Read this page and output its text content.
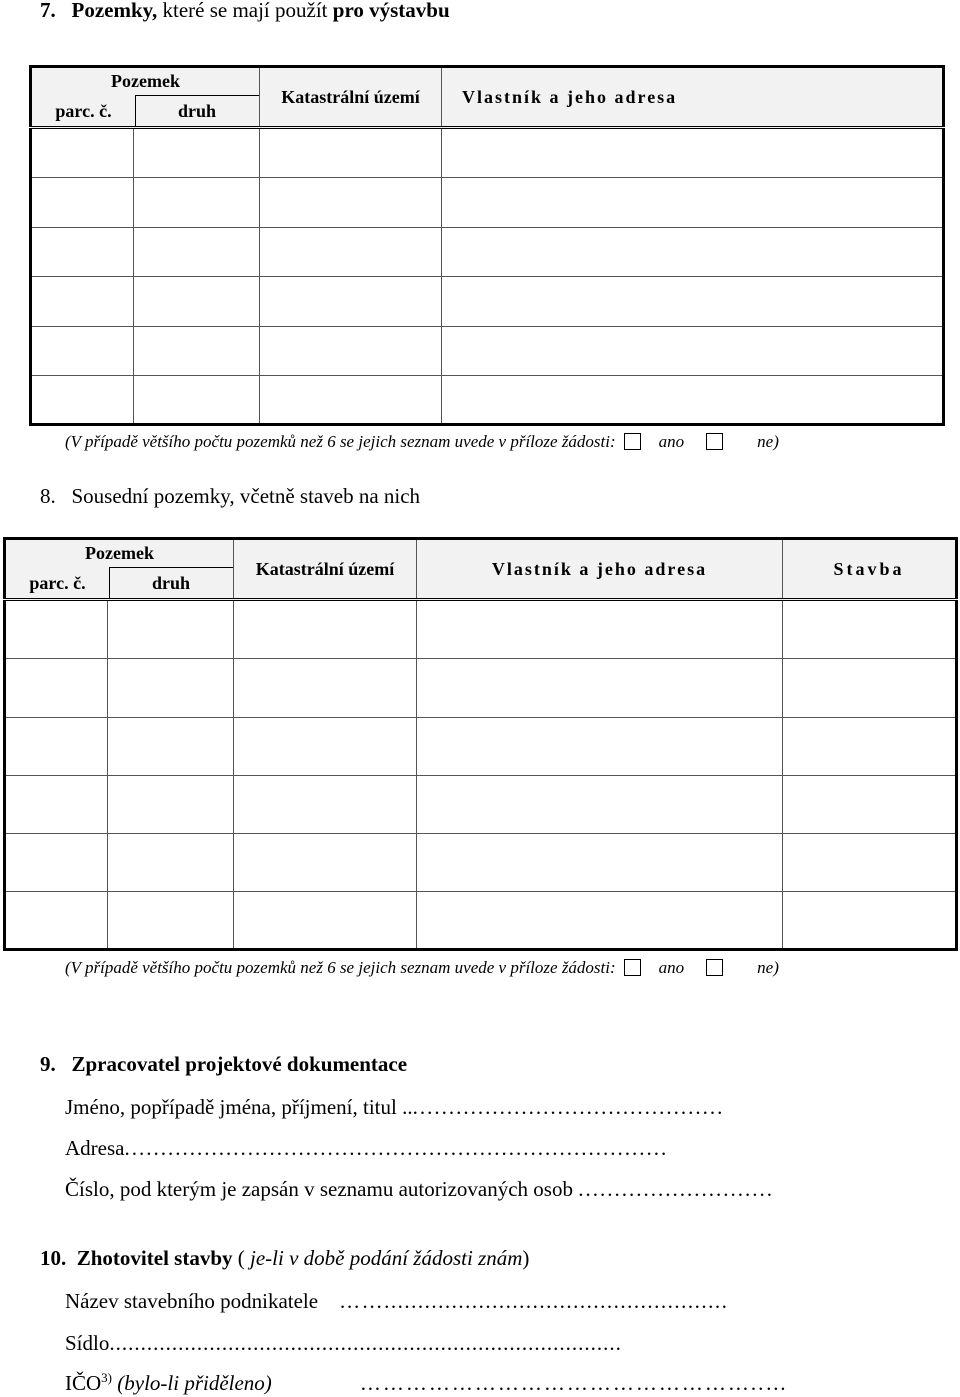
7. Pozemky, které se mají použít pro výstavbu
Pozemek
parc. č. druh		Katastrální území	Vlastník a jeho adresa

(V případě většího počtu pozemků než 6 se jejich seznam uvede v příloze žádosti:	ano	ne)
8. Sousední pozemky, včetně staveb na nich
Pozemek
parc. č. druh		Katastrální území	Vlastník a jeho adresa	Stavba

(V případě většího počtu pozemků než 6 se jejich seznam uvede v příloze žádosti:	ano	ne)
9. Zpracovatel projektové dokumentace
Jméno, popřípadě jména, příjmení, titul .............................................
Adresa...........................................................................
Číslo, pod kterým je zapsán v seznamu autorizovaných osob ...........................
10. Zhotovitel stavby ( je-li v době podání žádosti znám)
Název stavebního podnikatele ……...................................................
Sídlo..................................................................................
IČO$^{3)}$ (bylo-li přiděleno)	……………………………………………..…
